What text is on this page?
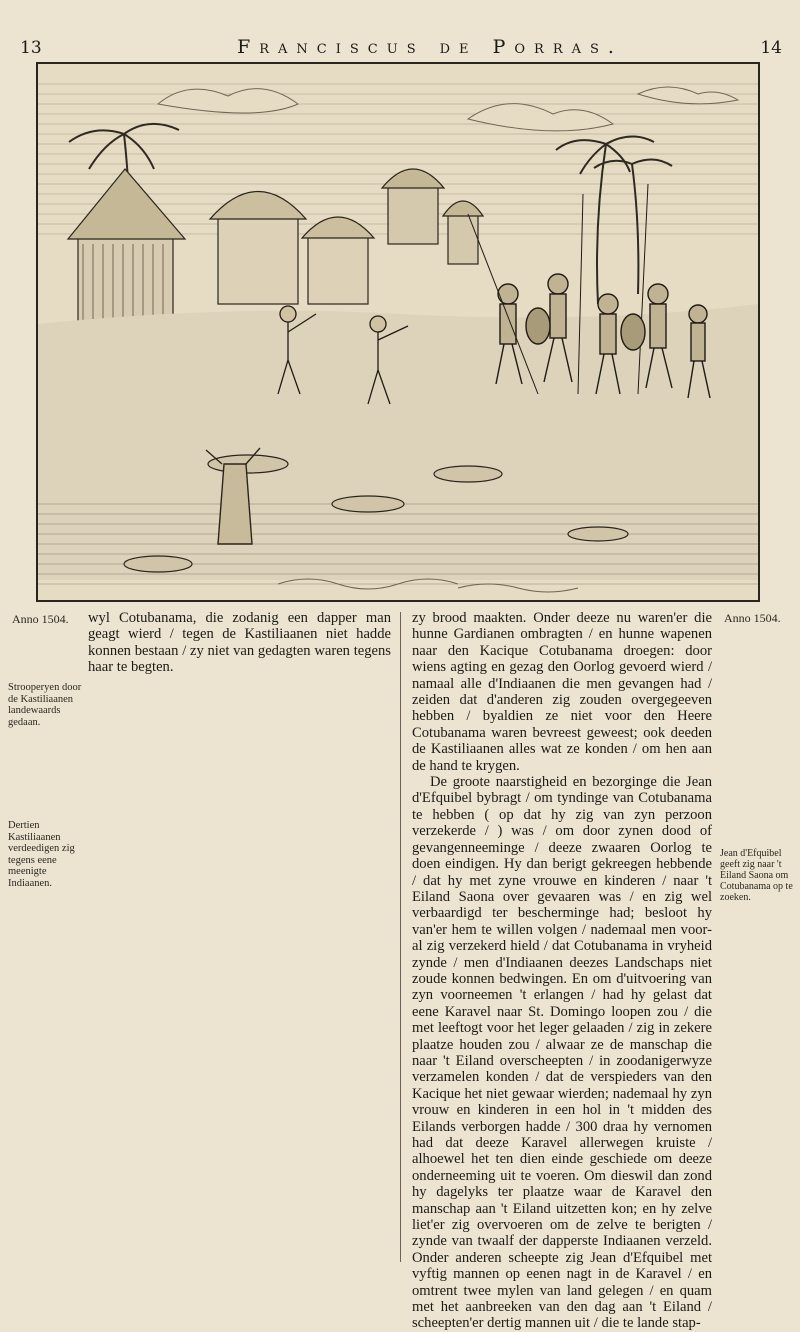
13	Franciscus de Porras.	14
Anno 1504.
Strooperyen door de Kastiliaanen landewaards gedaan.
Dertien Kastiliaanen verdeedigen zig tegens eene meenigte Indiaanen.
Anno 1504.
Jean d'Efquibel geeft zig naar 't Eiland Saona om Cotubanama op te zoeken.

wyl Cotubanama, die zodanig een dapper man geagt wierd / tegen de Kastiliaanen niet hadde konnen bestaan / zy niet van gedagten waren tegens haar te begten.

zy brood maakten. Onder deeze nu waren'er die hunne Gardianen ombragten / en hunne wapenen naar den Kacique Cotubanama droegen: door wiens agting en gezag den Oorlog gevoerd wierd / namaal alle d'Indiaanen die men gevangen had / zeiden dat d'anderen zig zouden overgegeeven hebben / byaldien ze niet voor den Heere Cotubanama waren bevreest geweest; ook deeden de Kastiliaanen alles wat ze konden / om hen aan de hand te krygen.

De groote naarstigheid en bezorginge die Jean d'Efquibel bybragt / om tyndinge van Cotubanama te hebben ( op dat hy zig van zyn perzoon verzekerde / ) was / om door zynen dood of gevangenneeminge / deeze zwaaren Oorlog te doen eindigen. Hy dan berigt gekreegen hebbende / dat hy met zyne vrouwe en kinderen / naar 't Eiland Saona over gevaaren was / en zig wel verbaardigd ter beschermingе had; besloot hy van'er hem te willen volgen / nademaal men voor-al zig verzekerd hield / dat Cotubanama in vryheid zynde / men d'Indiaanen deezes Landschaps niet zoude konnen bedwingen. En om d'uitvoering van zyn voorneemen 't erlangen / had hy gelast dat eene Karavel naar St. Domingo loopen zou / die met leeftogt voor het leger gelaaden / zig in zekere plaatze houden zou / alwaar ze de manschap die naar 't Eiland overscheepten / in zoodanigerwyze verzamelen konden / dat de verspieders van den Kacique het niet gewaar wierden; nademaal hy zyn vrouw en kinderen in een hol in 't midden des Eilands verborgen hadde / 300 draa hy vernomen had dat deeze Karavel allerwegen kruiste / alhoewel het ten dien einde geschiede om deeze onderneeming uit te voeren. Om dieswil dan zond hy dagelyks ter plaatze waar de Karavel den manschap aan 't Eiland uitzetten kon; en hy zelve liet'er zig overvoeren om de zelve te berigten / zynde van twaalf der dapperste Indiaanen verzeld. Onder anderen scheepte zig Jean d'Efquibel met vyftig mannen op eenen nagt in de Karavel / en omtrent twee mylen van land gelegen / en quam met het aanbreeken van den dag aan 't Eiland / scheepten'er dertig mannen uit / die te lande stap-
